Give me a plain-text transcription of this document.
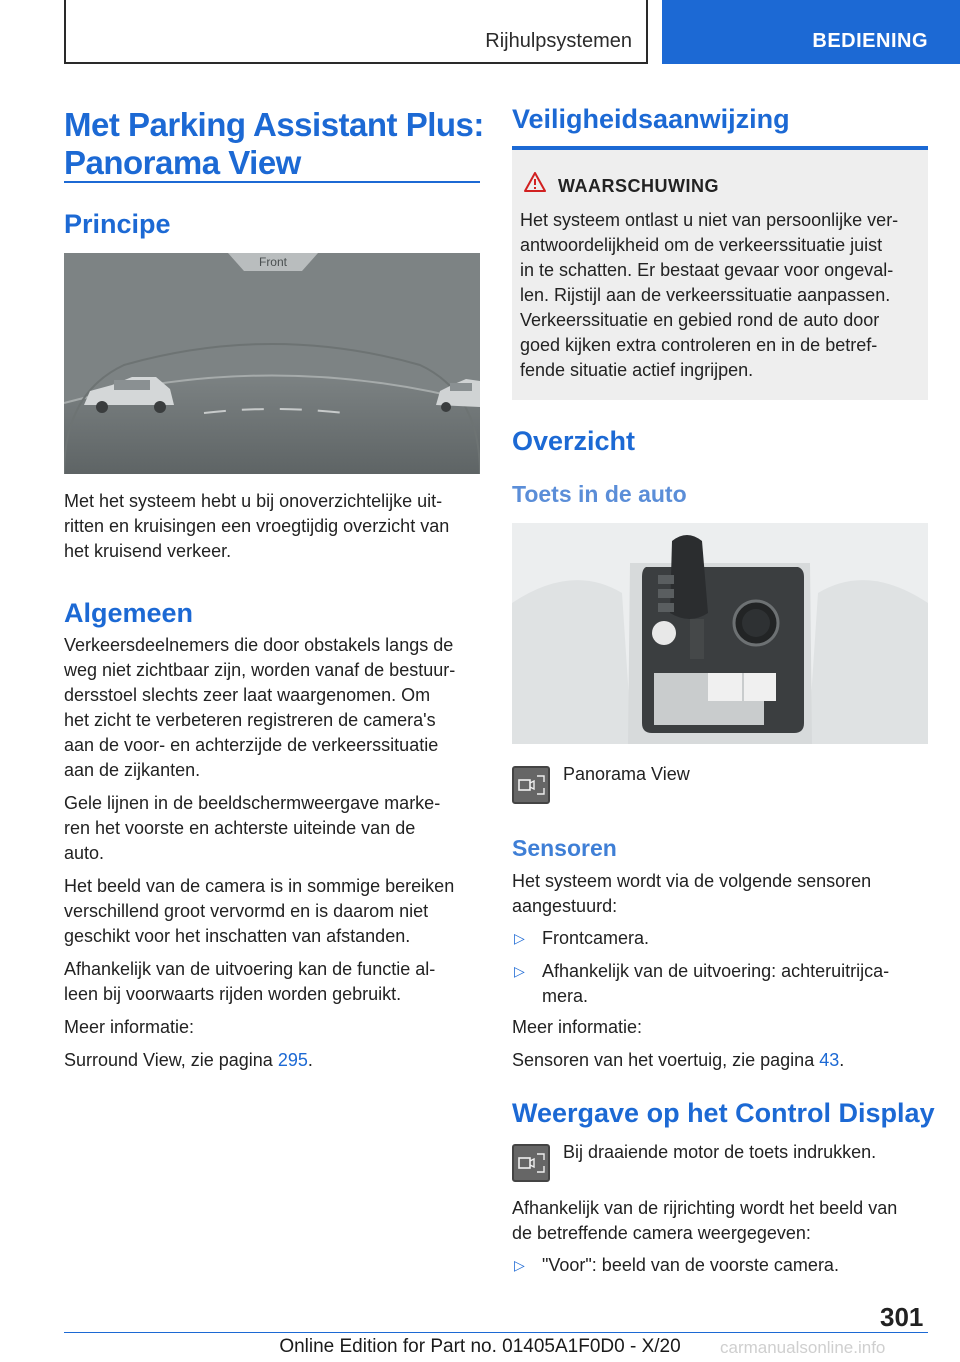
Rijhulpsystemen	BEDIENING
Met Parking Assistant Plus:
Panorama View
Principe
Front
Met het systeem hebt u bij onoverzichtelijke uit-
ritten en kruisingen een vroegtijdig overzicht van
het kruisend verkeer.
Algemeen
Verkeersdeelnemers die door obstakels langs de
weg niet zichtbaar zijn, worden vanaf de bestuur-
dersstoel slechts zeer laat waargenomen. Om
het zicht te verbeteren registreren de camera's
aan de voor- en achterzijde de verkeerssituatie
aan de zijkanten.
Gele lijnen in de beeldschermweergave marke-
ren het voorste en achterste uiteinde van de
auto.
Het beeld van de camera is in sommige bereiken
verschillend groot vervormd en is daarom niet
geschikt voor het inschatten van afstanden.
Afhankelijk van de uitvoering kan de functie al-
leen bij voorwaarts rijden worden gebruikt.
Meer informatie:
Surround View, zie pagina 295.
Veiligheidsaanwijzing
WAARSCHUWING
Het systeem ontlast u niet van persoonlijke ver-
antwoordelijkheid om de verkeerssituatie juist
in te schatten. Er bestaat gevaar voor ongeval-
len. Rijstijl aan de verkeerssituatie aanpassen.
Verkeerssituatie en gebied rond de auto door
goed kijken extra controleren en in de betref-
fende situatie actief ingrijpen.
Overzicht
Toets in de auto
Panorama View
Sensoren
Het systeem wordt via de volgende sensoren
aangestuurd:
▷ Frontcamera.
▷ Afhankelijk van de uitvoering: achteruitrijca-
mera.
Meer informatie:
Sensoren van het voertuig, zie pagina 43.
Weergave op het Control Display
Bij draaiende motor de toets indrukken.
Afhankelijk van de rijrichting wordt het beeld van
de betreffende camera weergegeven:
▷ "Voor": beeld van de voorste camera.
301
Online Edition for Part no. 01405A1F0D0 - X/20	carmanualsonline.info
